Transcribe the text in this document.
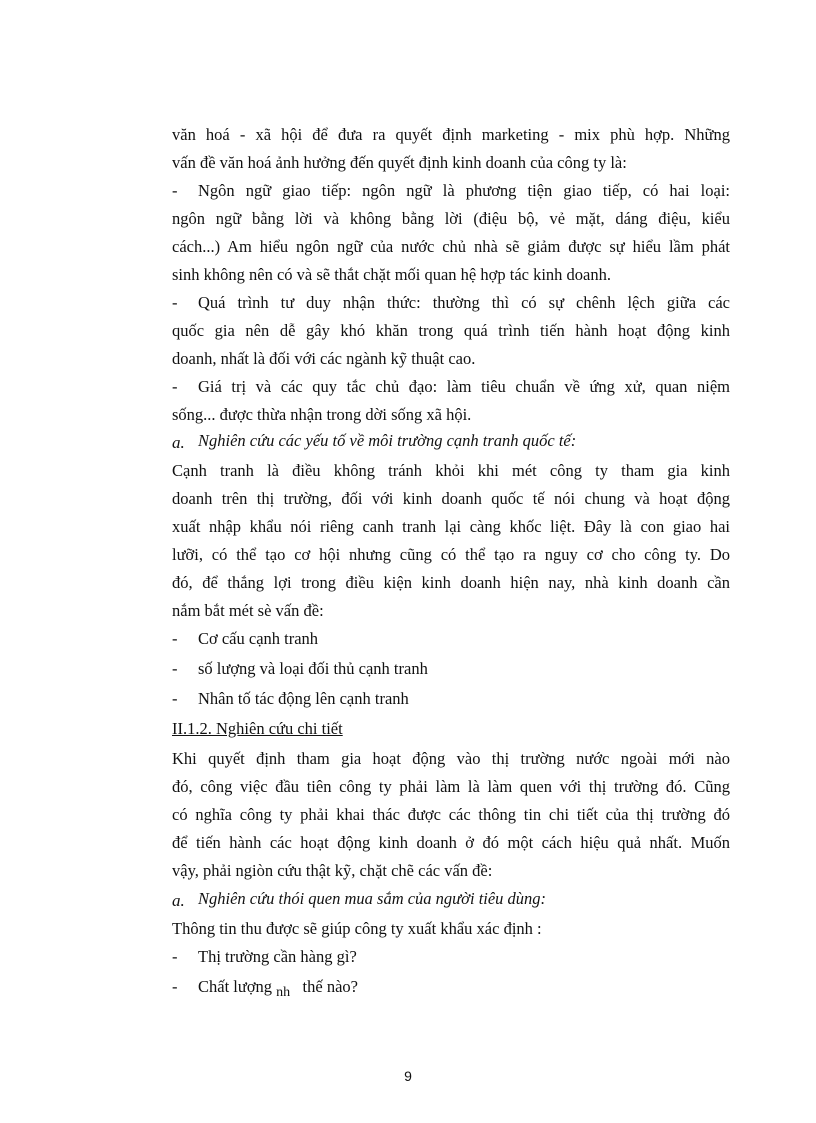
văn hoá - xã hội để đưa ra quyết định marketing - mix phù hợp. Những
vấn đề văn hoá ảnh hưởng đến quyết định kinh doanh của công ty là:
- Ngôn ngữ giao tiếp: ngôn ngữ là phương tiện giao tiếp, có hai loại:
ngôn ngữ bằng lời và không bằng lời (điệu bộ, vẻ mặt, dáng điệu, kiểu
cách...) Am hiểu ngôn ngữ của nước chủ nhà sẽ giảm được sự hiểu lầm phát
sinh không nên có và sẽ thắt chặt mối quan hệ hợp tác kinh doanh.
- Quá trình tư duy nhận thức: thường thì có sự chênh lệch giữa các
quốc gia nên dễ gây khó khăn trong quá trình tiến hành hoạt động kinh
doanh, nhất là đối với các ngành kỹ thuật cao.
- Giá trị và các quy tắc chủ đạo: làm tiêu chuẩn về ứng xử, quan niệm
sống... được thừa nhận trong dời sống xã hội.
a. Nghiên cứu các yếu tố về môi trường cạnh tranh quốc tế:
Cạnh tranh là điều không tránh khỏi khi mét công ty tham gia kinh
doanh trên thị trường, đối với kinh doanh quốc tế nói chung và hoạt động
xuất nhập khẩu nói riêng canh tranh lại càng khốc liệt. Đây là con giao hai
lưỡi, có thể tạo cơ hội nhưng cũng có thể tạo ra nguy cơ cho công ty. Do
đó, để thắng lợi trong điều kiện kinh doanh hiện nay, nhà kinh doanh cần
nắm bắt mét sè vấn đề:
- Cơ cấu cạnh tranh
- số lượng và loại đối thủ cạnh tranh
- Nhân tố tác động lên cạnh tranh
II.1.2. Nghiên cứu chi tiết
Khi quyết định tham gia hoạt động vào thị trường nước ngoài mới nào
đó, công việc đầu tiên công ty phải làm là làm quen với thị trường đó. Cũng
có nghĩa công ty phải khai thác được các thông tin chi tiết của thị trường đó
để tiến hành các hoạt động kinh doanh ở đó một cách hiệu quả nhất. Muốn
vậy, phải ngiòn cứu thật kỹ, chặt chẽ các vấn đề:
a. Nghiên cứu thói quen mua sắm của người tiêu dùng:
Thông tin thu được sẽ giúp công ty xuất khẩu xác định :
- Thị trường cần hàng gì?
- Chất lượng $_{nh}$   thế nào?
9
